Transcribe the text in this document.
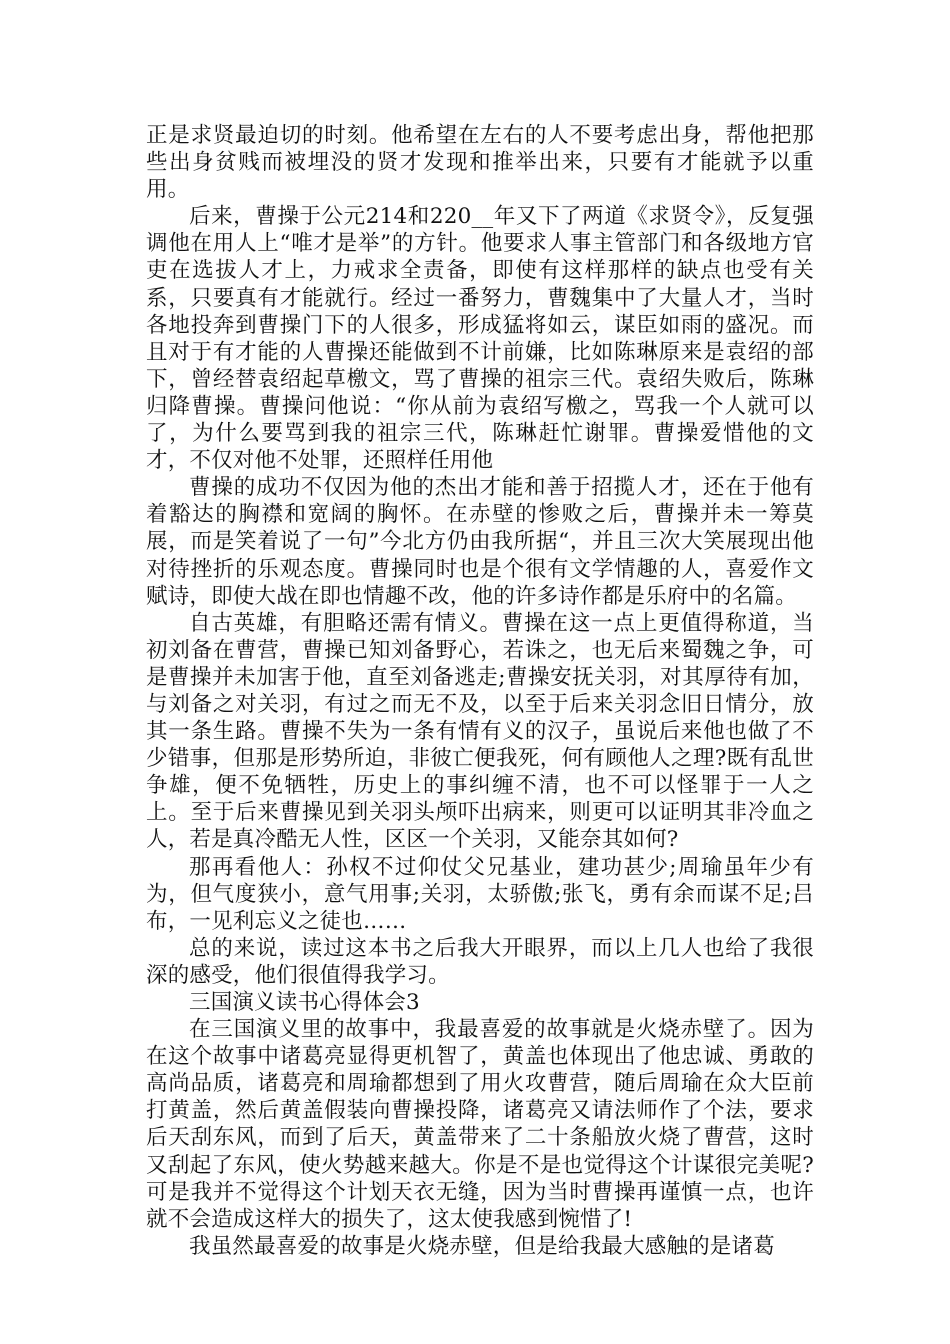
正是求贤最迫切的时刻。他希望在左右的人不要考虑出身，帮他把那些出身贫贱而被埋没的贤才发现和推举出来，只要有才能就予以重用。

后来，曹操于公元214和220__年又下了两道《求贤令》，反复强调他在用人上“唯才是举”的方针。他要求人事主管部门和各级地方官吏在选拔人才上，力戒求全责备，即使有这样那样的缺点也受有关系，只要真有才能就行。经过一番努力，曹魏集中了大量人才，当时各地投奔到曹操门下的人很多，形成猛将如云，谋臣如雨的盛况。而且对于有才能的人曹操还能做到不计前嫌，比如陈琳原来是袁绍的部下，曾经替袁绍起草檄文，骂了曹操的祖宗三代。袁绍失败后，陈琳归降曹操。曹操问他说：“你从前为袁绍写檄之，骂我一个人就可以了，为什么要骂到我的祖宗三代，陈琳赶忙谢罪。曹操爱惜他的文才，不仅对他不处罪，还照样任用他

曹操的成功不仅因为他的杰出才能和善于招揽人才，还在于他有着豁达的胸襟和宽阔的胸怀。在赤壁的惨败之后，曹操并未一筹莫展，而是笑着说了一句”今北方仍由我所据“，并且三次大笑展现出他对待挫折的乐观态度。曹操同时也是个很有文学情趣的人，喜爱作文赋诗，即使大战在即也情趣不改，他的许多诗作都是乐府中的名篇。

自古英雄，有胆略还需有情义。曹操在这一点上更值得称道，当初刘备在曹营，曹操已知刘备野心，若诛之，也无后来蜀魏之争，可是曹操并未加害于他，直至刘备逃走;曹操安抚关羽，对其厚待有加，与刘备之对关羽，有过之而无不及，以至于后来关羽念旧日情分，放其一条生路。曹操不失为一条有情有义的汉子，虽说后来他也做了不少错事，但那是形势所迫，非彼亡便我死，何有顾他人之理?既有乱世争雄，便不免牺牲，历史上的事纠缠不清，也不可以怪罪于一人之上。至于后来曹操见到关羽头颅吓出病来，则更可以证明其非冷血之人，若是真冷酷无人性，区区一个关羽，又能奈其如何?

那再看他人：孙权不过仰仗父兄基业，建功甚少;周瑜虽年少有为，但气度狭小，意气用事;关羽，太骄傲;张飞，勇有余而谋不足;吕布，一见利忘义之徒也……

总的来说，读过这本书之后我大开眼界，而以上几人也给了我很深的感受，他们很值得我学习。

三国演义读书心得体会3

在三国演义里的故事中，我最喜爱的故事就是火烧赤壁了。因为在这个故事中诸葛亮显得更机智了，黄盖也体现出了他忠诚、勇敢的高尚品质，诸葛亮和周瑜都想到了用火攻曹营，随后周瑜在众大臣前打黄盖，然后黄盖假装向曹操投降，诸葛亮又请法师作了个法，要求后天刮东风，而到了后天，黄盖带来了二十条船放火烧了曹营，这时又刮起了东风，使火势越来越大。你是不是也觉得这个计谋很完美呢?可是我并不觉得这个计划天衣无缝，因为当时曹操再谨慎一点，也许就不会造成这样大的损失了，这太使我感到惋惜了!

我虽然最喜爱的故事是火烧赤壁，但是给我最大感触的是诸葛
